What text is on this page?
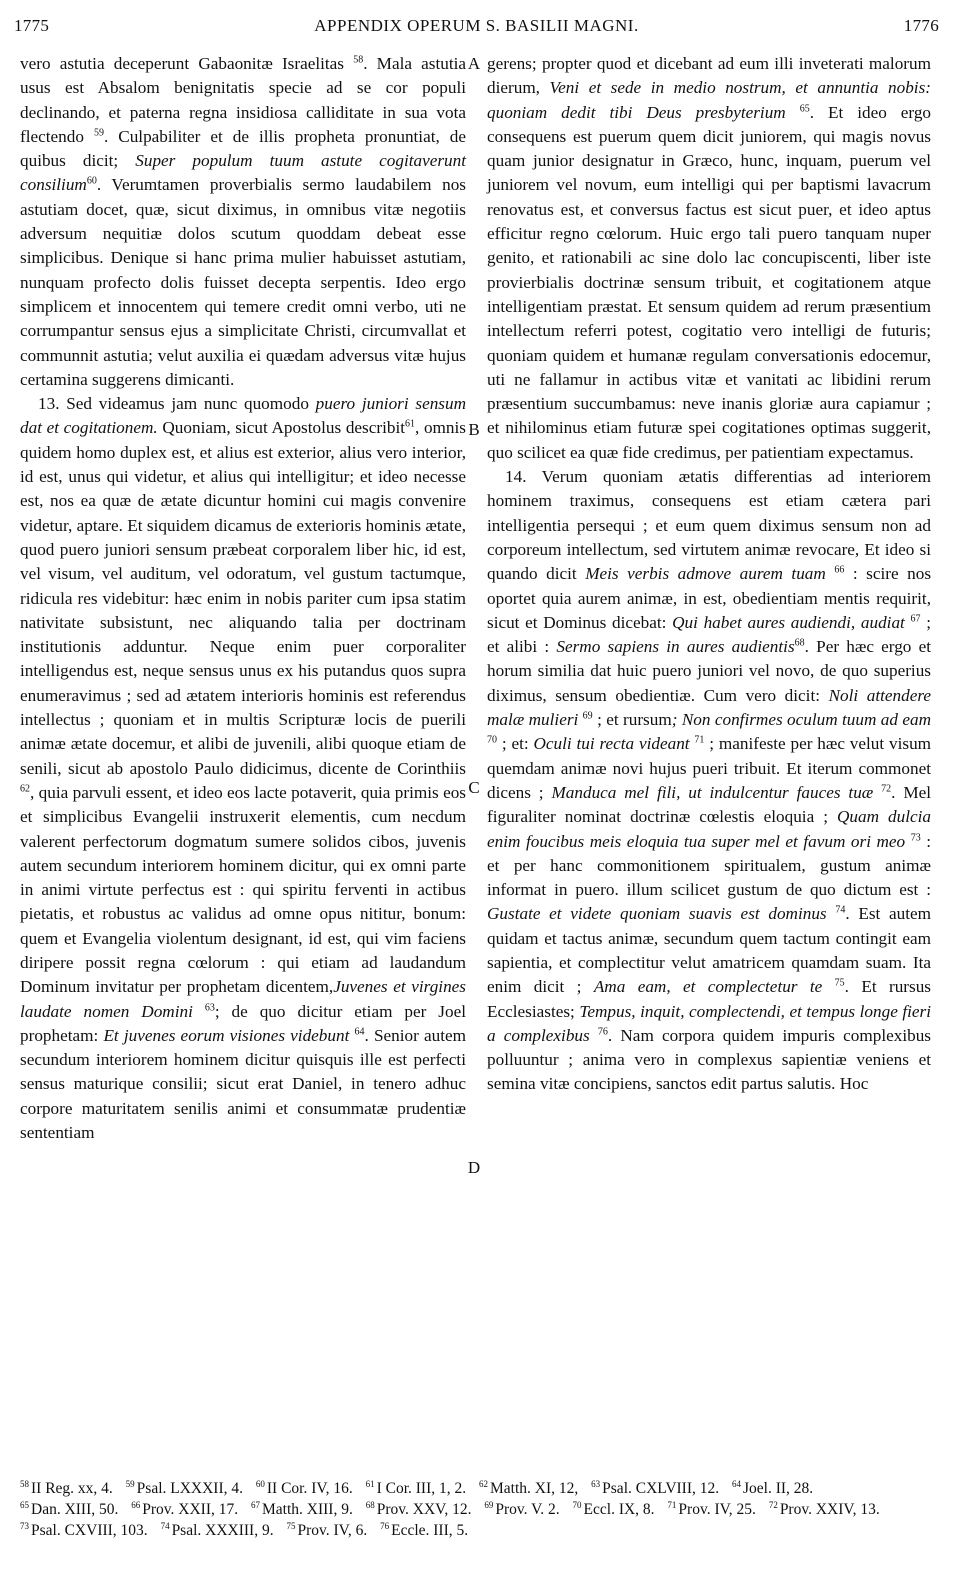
1775	APPENDIX OPERUM S. BASILII MAGNI.	1776
A
B
C
D

vero astutia deceperunt Gabaonitæ Israelitas $^{58}$. Mala astutia usus est Absalom benignitatis specie ad se cor populi declinando, et paterna regna insidiosa calliditate in sua vota flectendo $^{59}$. Culpabiliter et de illis propheta pronuntiat, de quibus dicit; Super populum tuum astute cogitaverunt consilium$^{60}$. Verumtamen proverbialis sermo laudabilem nos astutiam docet, quæ, sicut diximus, in omnibus vitæ negotiis adversum nequitiæ dolos scutum quoddam debeat esse simplicibus. Denique si hanc prima mulier habuisset astutiam, nunquam profecto dolis fuisset decepta serpentis. Ideo ergo simplicem et innocentem qui temere credit omni verbo, uti ne corrumpantur sensus ejus a simplicitate Christi, circumvallat et communnit astutia; velut auxilia ei quædam adversus vitæ hujus certamina suggerens dimicanti.

13. Sed videamus jam nunc quomodo puero juniori sensum dat et cogitationem. Quoniam, sicut Apostolus describit$^{61}$, omnis quidem homo duplex est, et alius est exterior, alius vero interior, id est, unus qui videtur, et alius qui intelligitur; et ideo necesse est, nos ea quæ de ætate dicuntur homini cui magis convenire videtur, aptare. Et siquidem dicamus de exterioris hominis ætate, quod puero juniori sensum præbeat corporalem liber hic, id est, vel visum, vel auditum, vel odoratum, vel gustum tactumque, ridicula res videbitur: hæc enim in nobis pariter cum ipsa statim nativitate subsistunt, nec aliquando talia per doctrinam institutionis adduntur. Neque enim puer corporaliter intelligendus est, neque sensus unus ex his putandus quos supra enumeravimus ; sed ad ætatem interioris hominis est referendus intellectus ; quoniam et in multis Scripturæ locis de puerili animæ ætate docemur, et alibi de juvenili, alibi quoque etiam de senili, sicut ab apostolo Paulo didicimus, dicente de Corinthiis $^{62}$, quia parvuli essent, et ideo eos lacte potaverit, quia primis eos et simplicibus Evangelii instruxerit elementis, cum necdum valerent perfectorum dogmatum sumere solidos cibos, juvenis autem secundum interiorem hominem dicitur, qui ex omni parte in animi virtute perfectus est : qui spiritu ferventi in actibus pietatis, et robustus ac validus ad omne opus nititur, bonum: quem et Evangelia violentum designant, id est, qui vim faciens diripere possit regna cœlorum : qui etiam ad laudandum Dominum invitatur per prophetam dicentem,Juvenes et virgines laudate nomen Domini $^{63}$; de quo dicitur etiam per Joel prophetam: Et juvenes eorum visiones videbunt $^{64}$. Senior autem secundum interiorem hominem dicitur quisquis ille est perfecti sensus maturique consilii; sicut erat Daniel, in tenero adhuc corpore maturitatem senilis animi et consummatæ prudentiæ sententiam

gerens; propter quod et dicebant ad eum illi inveterati malorum dierum, Veni et sede in medio nostrum, et annuntia nobis: quoniam dedit tibi Deus presbyterium $^{65}$. Et ideo ergo consequens est puerum quem dicit juniorem, qui magis novus quam junior designatur in Græco, hunc, inquam, puerum vel juniorem vel novum, eum intelligi qui per baptismi lavacrum renovatus est, et conversus factus est sicut puer, et ideo aptus efficitur regno cœlorum. Huic ergo tali puero tanquam nuper genito, et rationabili ac sine dolo lac concupiscenti, liber iste provierbialis doctrinæ sensum tribuit, et cogitationem atque intelligentiam præstat. Et sensum quidem ad rerum præsentium intellectum referri potest, cogitatio vero intelligi de futuris; quoniam quidem et humanæ regulam conversationis edocemur, uti ne fallamur in actibus vitæ et vanitati ac libidini rerum præsentium succumbamus: neve inanis gloriæ aura capiamur ; et nihilominus etiam futuræ spei cogitationes optimas suggerit, quo scilicet ea quæ fide credimus, per patientiam expectamus.

14. Verum quoniam ætatis differentias ad interiorem hominem traximus, consequens est etiam cætera pari intelligentia persequi ; et eum quem diximus sensum non ad corporeum intellectum, sed virtutem animæ revocare, Et ideo si quando dicit Meis verbis admove aurem tuam $^{66}$ : scire nos oportet quia aurem animæ, in est, obedientiam mentis requirit, sicut et Dominus dicebat: Qui habet aures audiendi, audiat $^{67}$ ; et alibi : Sermo sapiens in aures audientis$^{68}$. Per hæc ergo et horum similia dat huic puero juniori vel novo, de quo superius diximus, sensum obedientiæ. Cum vero dicit: Noli attendere malæ mulieri $^{69}$ ; et rursum; Non confirmes oculum tuum ad eam $^{70}$ ; et: Oculi tui recta videant $^{71}$ ; manifeste per hæc velut visum quemdam animæ novi hujus pueri tribuit. Et iterum commonet dicens ; Manduca mel fili, ut indulcentur fauces tuæ $^{72}$. Mel figuraliter nominat doctrinæ cœlestis eloquia ; Quam dulcia enim foucibus meis eloquia tua super mel et favum ori meo $^{73}$ : et per hanc commonitionem spiritualem, gustum animæ informat in puero. illum scilicet gustum de quo dictum est : Gustate et videte quoniam suavis est dominus $^{74}$. Est autem quidam et tactus animæ, secundum quem tactum contingit eam sapientia, et complectitur velut amatricem quamdam suam. Ita enim dicit ; Ama eam, et complectetur te $^{75}$. Et rursus Ecclesiastes; Tempus, inquit, complectendi, et tempus longe fieri a complexibus $^{76}$. Nam corpora quidem impuris complexibus polluuntur ; anima vero in complexus sapientiæ veniens et semina vitæ concipiens, sanctos edit partus salutis. Hoc

$^{58}$ II Reg. xx, 4. $^{59}$ Psal. LXXXII, 4. $^{60}$ II Cor. IV, 16. $^{61}$ I Cor. III, 1, 2. $^{62}$ Matth. XI, 12, $^{63}$ Psal. CXLVIII, 12. $^{64}$ Joel. II, 28. $^{65}$ Dan. XIII, 50. $^{66}$ Prov. XXII, 17. $^{67}$ Matth. XIII, 9. $^{68}$ Prov. XXV, 12. $^{69}$ Prov. V. 2. $^{70}$ Eccl. IX, 8. $^{71}$ Prov. IV, 25. $^{72}$ Prov. XXIV, 13. $^{73}$ Psal. CXVIII, 103. $^{74}$ Psal. XXXIII, 9. $^{75}$ Prov. IV, 6. $^{76}$ Eccle. III, 5.
